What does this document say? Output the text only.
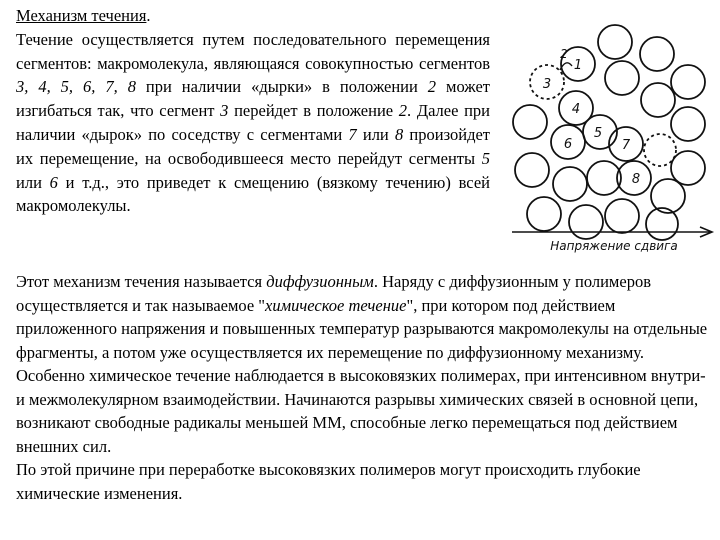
Механизм течения.
Течение осуществляется путем последовательного перемещения сегментов: макромолекула, являющаяся совокупностью сегментов 3, 4, 5, 6, 7, 8 при наличии «дырки» в положении 2 может изгибаться так, что сегмент 3 перейдет в положение 2. Далее при наличии «дырок» по соседству с сегментами 7 или 8 произойдет их перемещение, на освободившееся место перейдут сегменты 5 или 6 и т.д., это приведет к смещению (вязкому течению) всей макромолекулы.

1
8
3
4
5
6	7
2
Напряжение сдвига

Этот механизм течения называется диффузионным. Наряду с диффузионным у полимеров осуществляется и так называемое "химическое течение", при котором под действием приложенного напряжения и повышенных температур разрываются макромолекулы на отдельные фрагменты, а потом уже осуществляется их перемещение по диффузионному механизму.

Особенно химическое течение наблюдается в высоковязких полимерах, при интенсивном внутри- и межмолекулярном взаимодействии. Начинаются разрывы химических связей в основной цепи, возникают свободные радикалы меньшей ММ, способные легко перемещаться под действием внешних сил.

По этой причине при переработке высоковязких полимеров могут происходить глубокие химические изменения.
